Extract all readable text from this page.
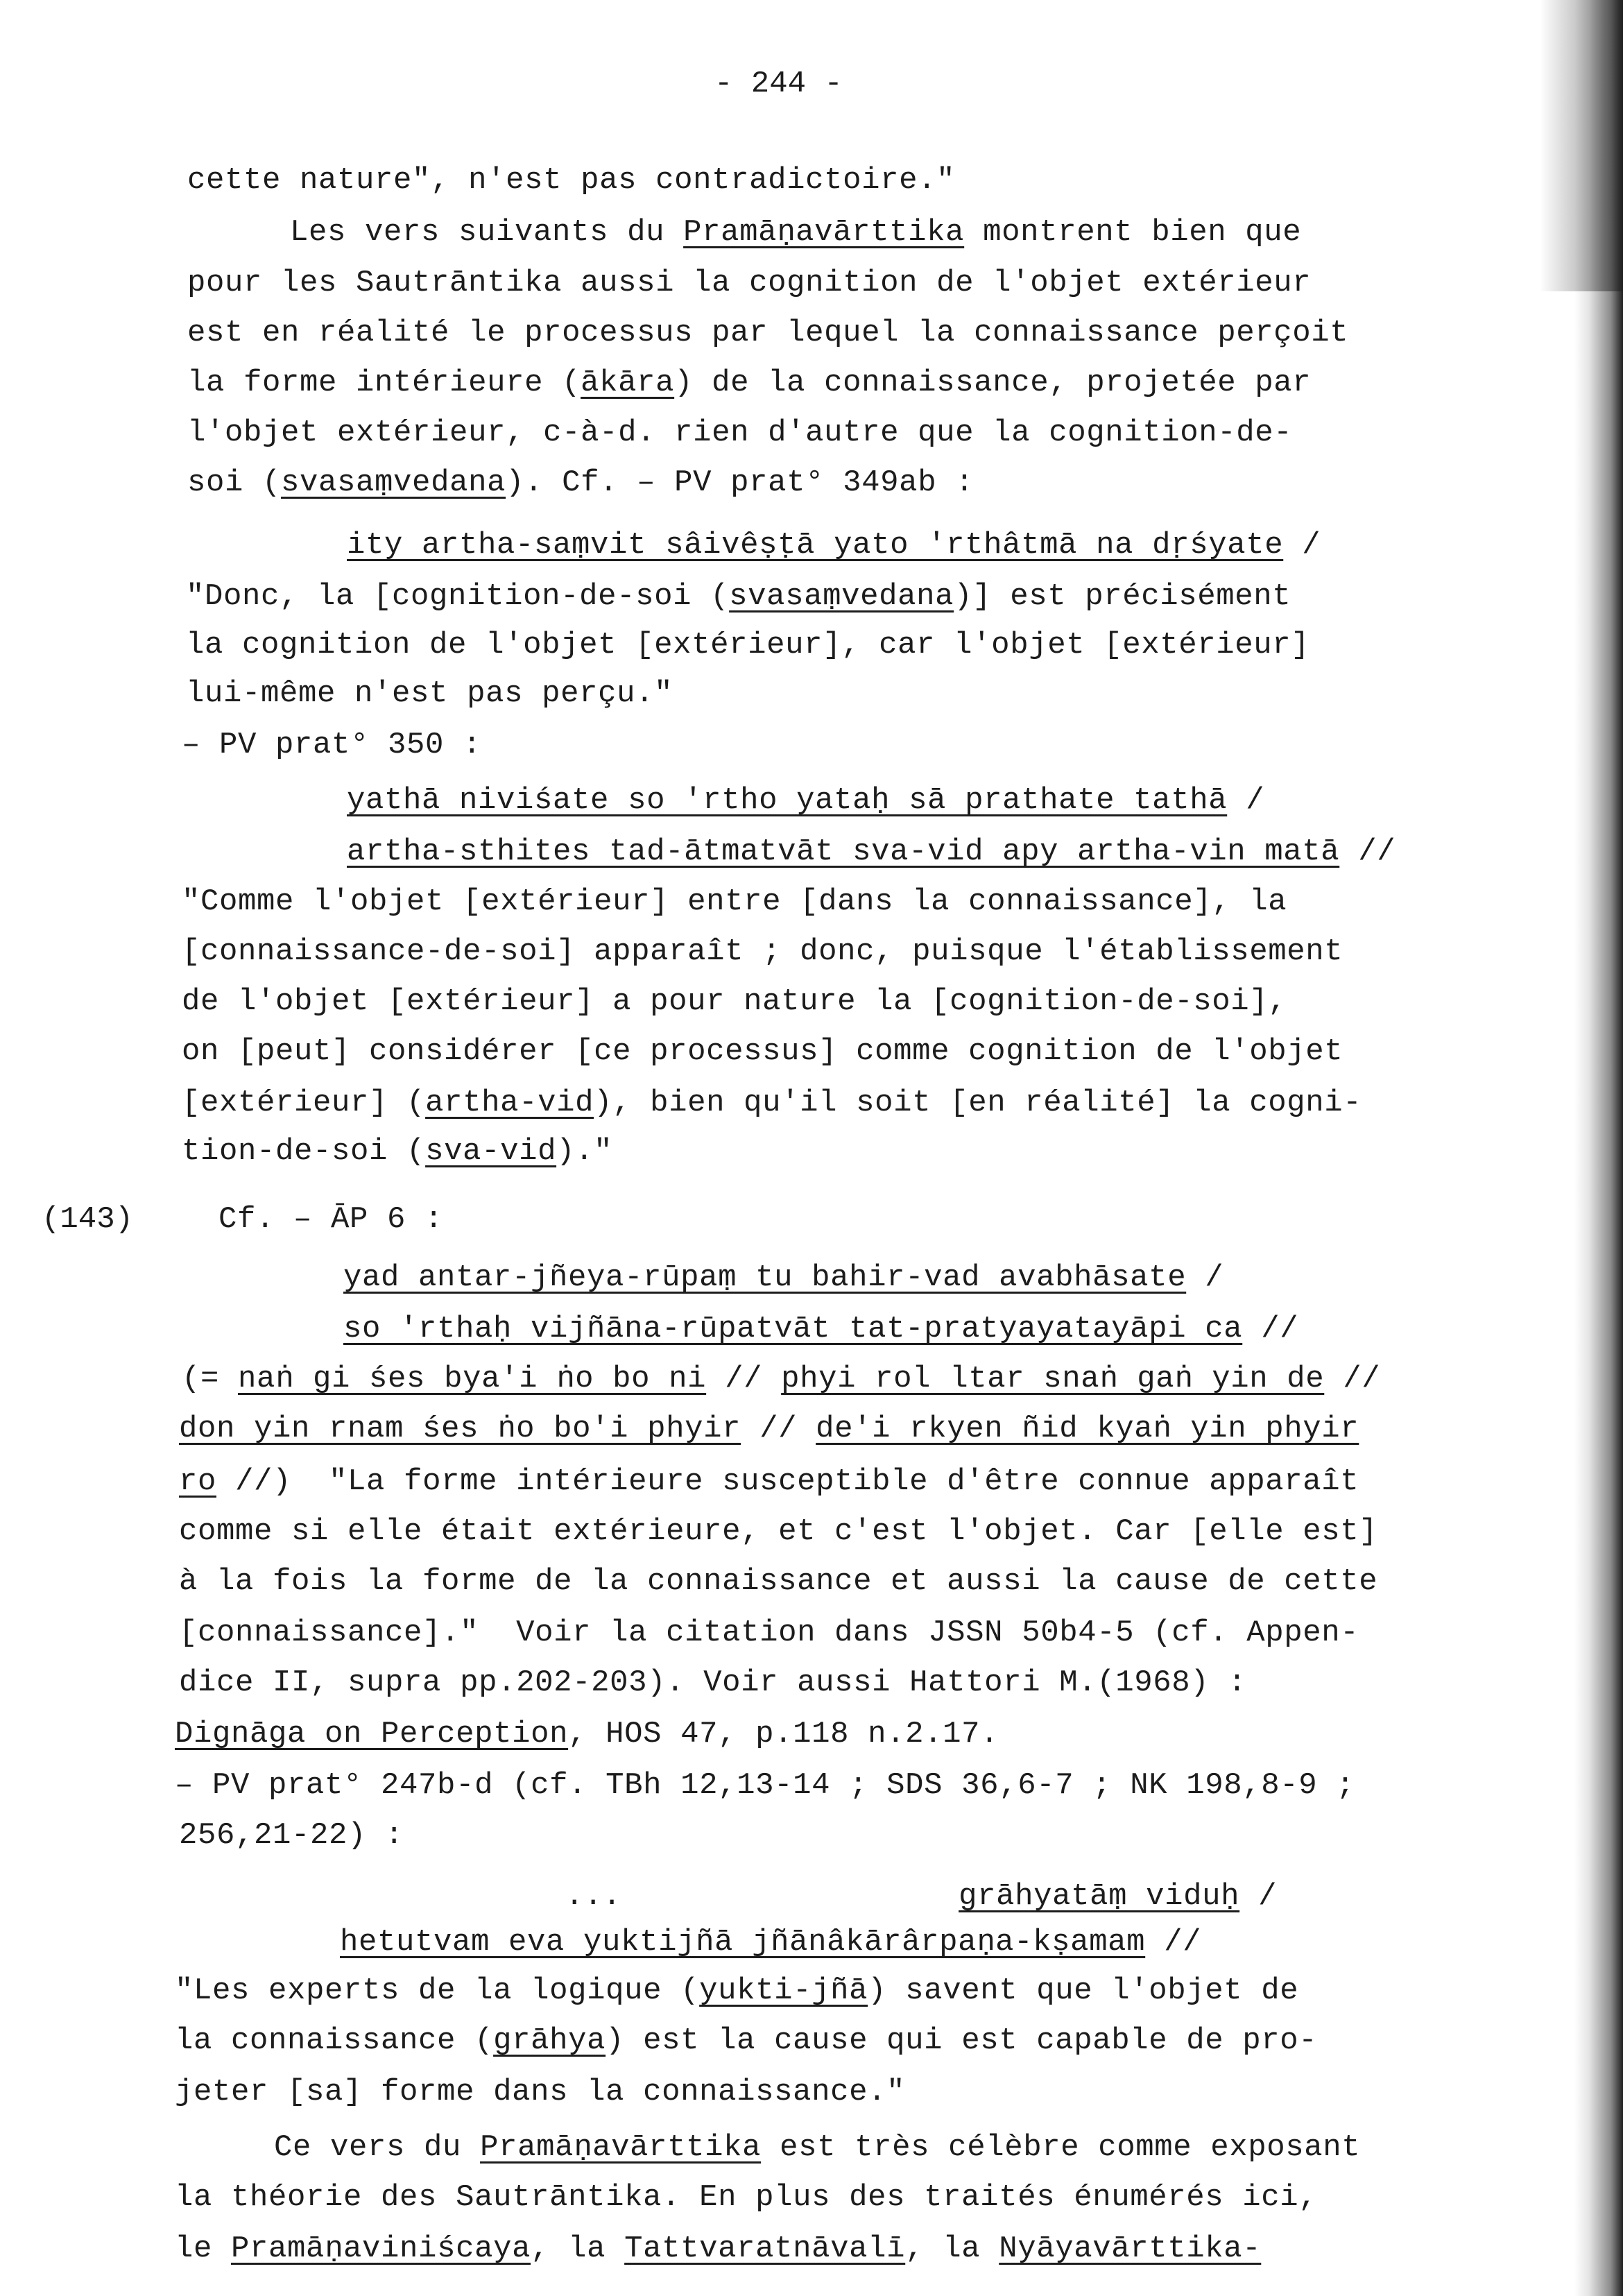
- 244 -
(143)
cette nature", n'est pas contradictoire."
Les vers suivants du Pramāṇavārttika montrent bien que
pour les Sautrāntika aussi la cognition de l'objet extérieur
est en réalité le processus par lequel la connaissance perçoit
la forme intérieure (ākāra) de la connaissance, projetée par
l'objet extérieur, c-à-d. rien d'autre que la cognition-de-
soi (svasaṃvedana). Cf. – PV prat° 349ab :
ity artha-saṃvit sâivêṣṭā yato 'rthâtmā na dṛśyate /
"Donc, la [cognition-de-soi (svasaṃvedana)] est précisément
la cognition de l'objet [extérieur], car l'objet [extérieur]
lui-même n'est pas perçu."
– PV prat° 350 :
yathā niviśate so 'rtho yataḥ sā prathate tathā /
artha-sthites tad-ātmatvāt sva-vid apy artha-vin matā //
"Comme l'objet [extérieur] entre [dans la connaissance], la
[connaissance-de-soi] apparaît ; donc, puisque l'établissement
de l'objet [extérieur] a pour nature la [cognition-de-soi],
on [peut] considérer [ce processus] comme cognition de l'objet
[extérieur] (artha-vid), bien qu'il soit [en réalité] la cogni-
tion-de-soi (sva-vid)."
Cf. – ĀP 6 :
yad antar-jñeya-rūpaṃ tu bahir-vad avabhāsate /
so 'rthaḥ vijñāna-rūpatvāt tat-pratyayatayāpi ca //
(= naṅ gi śes bya'i ṅo bo ni // phyi rol ltar snaṅ gaṅ yin de //
don yin rnam śes ṅo bo'i phyir // de'i rkyen ñid kyaṅ yin phyir
ro //)  "La forme intérieure susceptible d'être connue apparaît
comme si elle était extérieure, et c'est l'objet. Car [elle est]
à la fois la forme de la connaissance et aussi la cause de cette
[connaissance]."  Voir la citation dans JSSN 50b4-5 (cf. Appen-
dice II, supra pp.202-203). Voir aussi Hattori M.(1968) :
Dignāga on Perception, HOS 47, p.118 n.2.17.
– PV prat° 247b-d (cf. TBh 12,13-14 ; SDS 36,6-7 ; NK 198,8-9 ;
256,21-22) :
...                  grāhyatāṃ viduḥ /
hetutvam eva yuktijñā jñānâkārârpaṇa-kṣamam //
"Les experts de la logique (yukti-jñā) savent que l'objet de
la connaissance (grāhya) est la cause qui est capable de pro-
jeter [sa] forme dans la connaissance."
Ce vers du Pramāṇavārttika est très célèbre comme exposant
la théorie des Sautrāntika. En plus des traités énumérés ici,
le Pramāṇaviniścaya, la Tattvaratnāvalī, la Nyāyavārttika-
